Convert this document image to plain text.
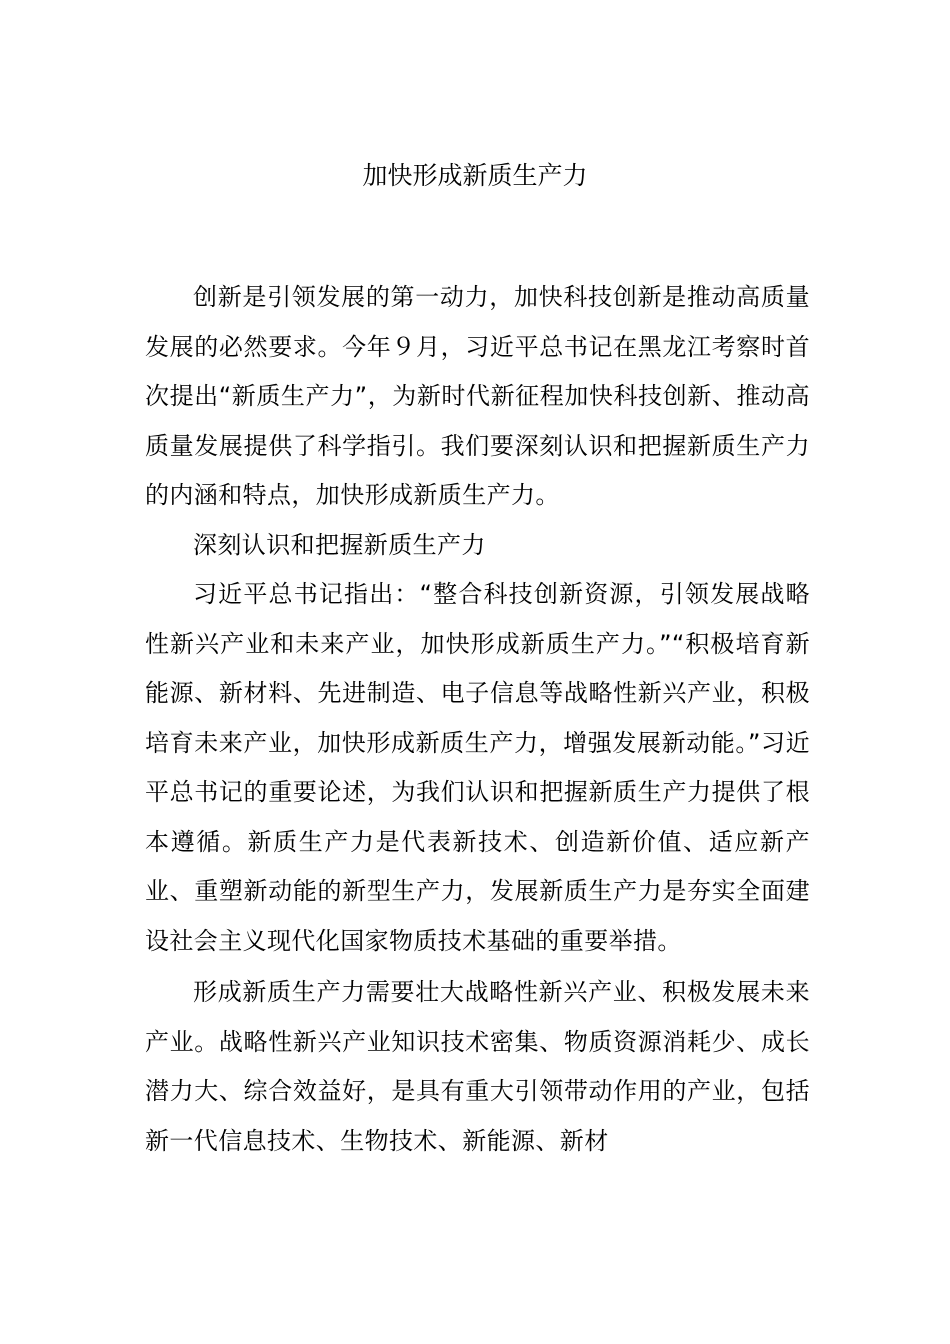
加快形成新质生产力

创新是引领发展的第一动力，加快科技创新是推动高质量发展的必然要求。今年９月，习近平总书记在黑龙江考察时首次提出“新质生产力”，为新时代新征程加快科技创新、推动高质量发展提供了科学指引。我们要深刻认识和把握新质生产力的内涵和特点，加快形成新质生产力。

深刻认识和把握新质生产力

习近平总书记指出：“整合科技创新资源，引领发展战略性新兴产业和未来产业，加快形成新质生产力。”“积极培育新能源、新材料、先进制造、电子信息等战略性新兴产业，积极培育未来产业，加快形成新质生产力，增强发展新动能。”习近平总书记的重要论述，为我们认识和把握新质生产力提供了根本遵循。新质生产力是代表新技术、创造新价值、适应新产业、重塑新动能的新型生产力，发展新质生产力是夯实全面建设社会主义现代化国家物质技术基础的重要举措。

形成新质生产力需要壮大战略性新兴产业、积极发展未来产业。战略性新兴产业知识技术密集、物质资源消耗少、成长潜力大、综合效益好，是具有重大引领带动作用的产业，包括新一代信息技术、生物技术、新能源、新材
